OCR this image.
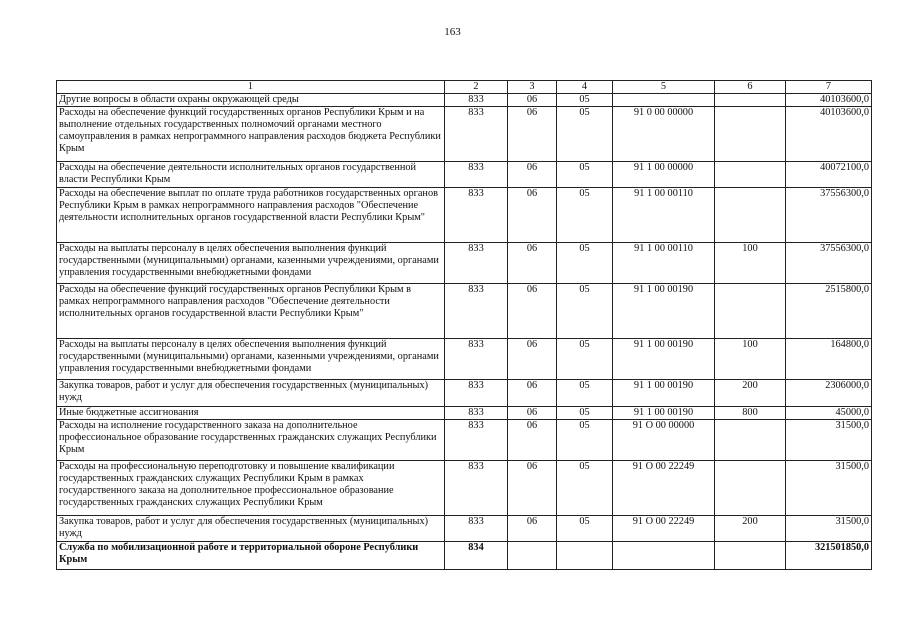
163
1	2	3	4	5	6	7
Другие вопросы в области охраны окружающей среды	833	06	05			40103600,0
Расходы на обеспечение функций государственных органов Республики Крым и на выполнение отдельных государственных полномочий органами местного самоуправления в рамках непрограммного направления расходов бюджета Республики Крым	833	06	05	91 0 00 00000		40103600,0
Расходы на обеспечение деятельности исполнительных органов государственной власти Республики Крым	833	06	05	91 1 00 00000		40072100,0
Расходы на обеспечение выплат по оплате труда работников государственных органов Республики Крым в рамках непрограммного направления расходов "Обеспечение деятельности исполнительных органов государственной власти Республики Крым"	833	06	05	91 1 00 00110		37556300,0
Расходы на выплаты персоналу в целях обеспечения выполнения функций государственными (муниципальными) органами, казенными учреждениями, органами управления государственными внебюджетными фондами	833	06	05	91 1 00 00110	100	37556300,0
Расходы на обеспечение функций государственных органов Республики Крым в рамках непрограммного направления расходов "Обеспечение деятельности исполнительных органов государственной власти Республики Крым"	833	06	05	91 1 00 00190		2515800,0
Расходы на выплаты персоналу в целях обеспечения выполнения функций государственными (муниципальными) органами, казенными учреждениями, органами управления государственными внебюджетными фондами	833	06	05	91 1 00 00190	100	164800,0
Закупка товаров, работ и услуг для обеспечения государственных (муниципальных) нужд	833	06	05	91 1 00 00190	200	2306000,0
Иные бюджетные ассигнования	833	06	05	91 1 00 00190	800	45000,0
Расходы на исполнение государственного заказа на дополнительное профессиональное образование государственных гражданских служащих Республики Крым	833	06	05	91 О 00 00000		31500,0
Расходы на профессиональную переподготовку и повышение квалификации государственных гражданских служащих Республики Крым в рамках государственного заказа на дополнительное профессиональное образование государственных гражданских служащих Республики Крым	833	06	05	91 О 00 22249		31500,0
Закупка товаров, работ и услуг для обеспечения государственных (муниципальных) нужд	833	06	05	91 О 00 22249	200	31500,0
Служба по мобилизационной работе и территориальной обороне Республики Крым	834					321501850,0
